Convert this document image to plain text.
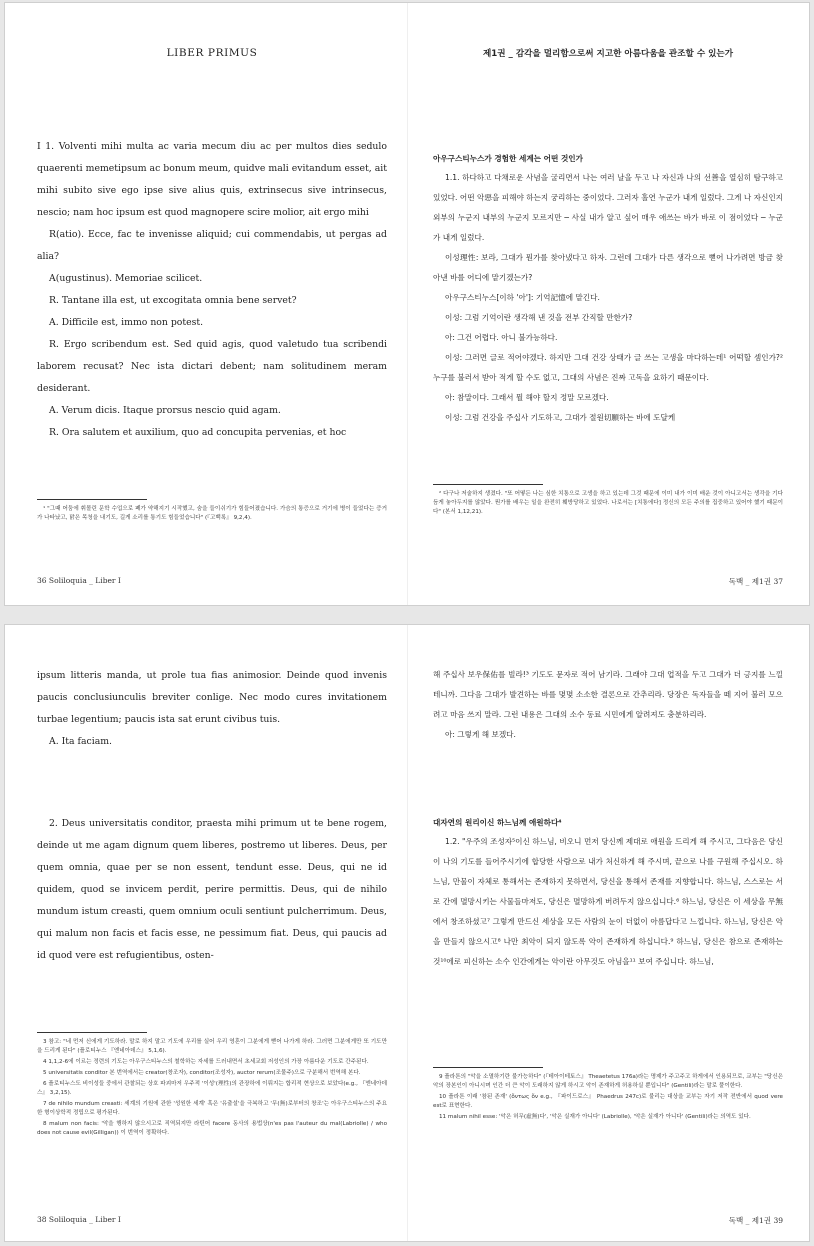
LIBER PRIMUS

I 1. Volventi mihi multa ac varia mecum diu ac per multos dies sedulo quaerenti memetipsum ac bonum meum, quidve mali evitandum esset, ait mihi subito sive ego ipse sive alius quis, extrinsecus sive intrinsecus, nescio; nam hoc ipsum est quod magnopere scire molior, ait ergo mihi

R(atio). Ecce, fac te invenisse aliquid; cui commendabis, ut pergas ad alia?

A(ugustinus). Memoriae scilicet.

R. Tantane illa est, ut excogitata omnia bene servet?

A. Difficile est, immo non potest.

R. Ergo scribendum est. Sed quid agis, quod valetudo tua scribendi laborem recusat? Nec ista dictari debent; nam solitudinem meram desiderant.

A. Verum dicis. Itaque prorsus nescio quid agam.

R. Ora salutem et auxilium, quo ad concupita pervenias, et hoc

¹ "그때 어둠에 휘몰린 문학 수업으로 폐가 약해지기 시작했고, 숨을 들이쉬기가 힘들어졌습니다. 가슴의 통증으로 거기에 병이 들었다는 증거가 나타났고, 맑은 목청을 내기도, 길게 소리를 통기도 힘들었습니다" (『고백록』 9,2,4).

36 Soliloquia _ Liber I
제1권 _ 감각을 멀리함으로써 지고한 아름다움을 관조할 수 있는가
아우구스티누스가 경험한 세계는 어떤 것인가

1.1. 하다하고 다채로운 사념을 굴리면서 나는 여러 날을 두고 나 자신과 나의 선善을 열심히 탐구하고 있었다. 어떤 악惡을 피해야 하는지 궁리하는 중이었다. 그러자 홀연 누군가 내게 일렀다. 그게 나 자신인지 외부의 누군지 내부의 누군지 모르지만 ─ 사실 내가 알고 싶어 매우 애쓰는 바가 바로 이 점이었다 ─ 누군가 내게 일렀다.

이성理性: 보라, 그대가 뭔가를 찾아냈다고 하자. 그런데 그대가 다른 생각으로 뻗어 나가려면 방금 찾아낸 바를 어디에 맡기겠는가?

아우구스티누스[이하 '아']: 기억記憶에 맡긴다.

이성: 그럼 기억이란 생각해 낸 것을 전부 간직할 만한가?

아: 그건 어렵다. 아니 불가능하다.

이성: 그러면 글로 적어야겠다. 하지만 그대 건강 상태가 글 쓰는 고생을 마다하는데¹ 어떡할 셈인가?² 누구를 불러서 받아 적게 할 수도 없고, 그대의 사념은 진짜 고독을 요하기 때문이다.

아: 참말이다. 그래서 뭘 해야 할지 정말 모르겠다.

이성: 그럼 건강을 주십사 기도하고, 그대가 절원切願하는 바에 도달케

² 다구나 저술하지 생겼다. "또 어떻든 나는 심한 치통으로 고생을 하고 있는데 그것 때문에 이미 내가 이미 배운 것이 아니고서는 생각을 기다듬게 놓아두지를 않았다. 뭔가를 배우는 일을 완전히 훼방당하고 있었다. 나로서는 [치통에다] 정신의 모든 주의를 집중하고 있어야 했기 때문이다" (본서 1,12,21).

독백 _ 제1권 37

ipsum litteris manda, ut prole tua fias animosior. Deinde quod invenis paucis conclusiunculis breviter conlige. Nec modo cures invitationem turbae legentium; paucis ista sat erunt civibus tuis.

A. Ita faciam.

2. Deus universitatis conditor, praesta mihi primum ut te bene rogem, deinde ut me agam dignum quem liberes, postremo ut liberes. Deus, per quem omnia, quae per se non essent, tendunt esse. Deus, qui ne id quidem, quod se invicem perdit, perire permittis. Deus, qui de nihilo mundum istum creasti, quem omnium oculi sentiunt pulcherrimum. Deus, qui malum non facis et facis esse, ne pessimum fiat. Deus, qui paucis ad id quod vere est refugientibus, osten-

3 참고: "네 먼저 신에게 기도하라. 말로 하지 말고 기도에 우리를 실어 우리 영혼이 그분에게 뻗어 나가게 하라. 그러면 그분에게만 또 기도만을 드리게 된다" (플로티누스 『엔네아데스』 5,1,6).

4 1,1,2-6에 이르는 정련의 기도는 아우구스티누스의 철학하는 자세를 드러내면서 초세교회 저성인의 가장 아름다운 기도로 간주된다.

5 universitatis conditor 본 번역에서는 creator(창조자), conditor(조성자), auctor rerum(조물주)으로 구분해서 번역해 본다.

6 플로티누스도 비이성들 중에서 관찰되는 상호 파괴마저 우주적 '이성'(理性)의 관장하에 이뤄지는 합리적 현상으로 보았다(e.g., 『엔네아데스』 3,2,15).

7 de nihilo mundum creasti: 세계의 기원에 관한 '성원한 세계' 혹은 '유출설'을 극복하고 '무(無)로부터의 창조'는 아우구스티누스의 주요한 형이상학적 정립으로 평가된다.

8 malum non facis: '악을 행하지 않으시고로 직역되지만 라틴어 facere 동사의 용법상(n'es pas l'auteur du mal(Labriolle) / who does not cause evil(Gilligan)) 이 번역이 정확하다.

38 Soliloquia _ Liber I

해 주십사 보우保佑를 빌라!³ 기도도 문자로 적어 남기라. 그래야 그대 업적을 두고 그대가 더 긍지를 느낄 테니까. 그다음 그대가 발견하는 바를 몇몇 소소한 결론으로 간추리라. 당장은 독자들을 떼 지어 불러 모으려고 마음 쓰지 말라. 그런 내용은 그대의 소수 동료 시민에게 알려져도 충분하리라.

아: 그렇게 해 보겠다.

대자연의 원리이신 하느님께 애원하다⁴

1.2. "우주의 조성자⁵이신 하느님, 비오니 먼저 당신께 제대로 애원을 드리게 해 주시고, 그다음은 당신이 나의 기도를 들어주시기에 합당한 사람으로 내가 처신하게 해 주시며, 끝으로 나를 구원해 주십시오. 하느님, 만물이 자체로 통해서는 존재하지 못하면서, 당신을 통해서 존재를 지향합니다. 하느님, 스스로는 서로 간에 멸망시키는 사물들마저도, 당신은 멸망하게 버려두지 않으십니다.⁶ 하느님, 당신은 이 세상을 무無에서 창조하셨고⁷ 그렇게 만드신 세상을 모든 사람의 눈이 더없이 아름답다고 느낍니다. 하느님, 당신은 악을 만들지 않으시고⁸ 나만 최악이 되지 않도록 악이 존재하게 하십니다.⁹ 하느님, 당신은 참으로 존재하는 것¹⁰에로 피신하는 소수 인간에게는 악이란 아무것도 아님을¹¹ 보여 주십니다. 하느님,

9 플라톤의 "악을 소멸하기란 불가능하다" (『테아이테토스』 Theaetetus 176a)라는 명제가 주고주고 하게에서 인용되므로, 교부는 "당신은 악의 장본인이 아니시며 인간 더 큰 악이 도래하지 않게 하시고 악이 존재하게 허용하실 뿐입니다" (Gentili)라는 말로 풀이한다.

10 플라톤 이래 '참된 존재' (ὄντως ὄν e.g., 『파이드로스』 Phaedrus 247c)로 불리는 대상을 교부는 자기 저작 전반에서 quod vere est로 표현한다.

11 malum nihil esse: '악은 허무(虛無)다', '악은 실재가 아니다' (Labriolle), '악은 실재가 아니다' (Gentili)라는 의역도 있다.

독백 _ 제1권 39
